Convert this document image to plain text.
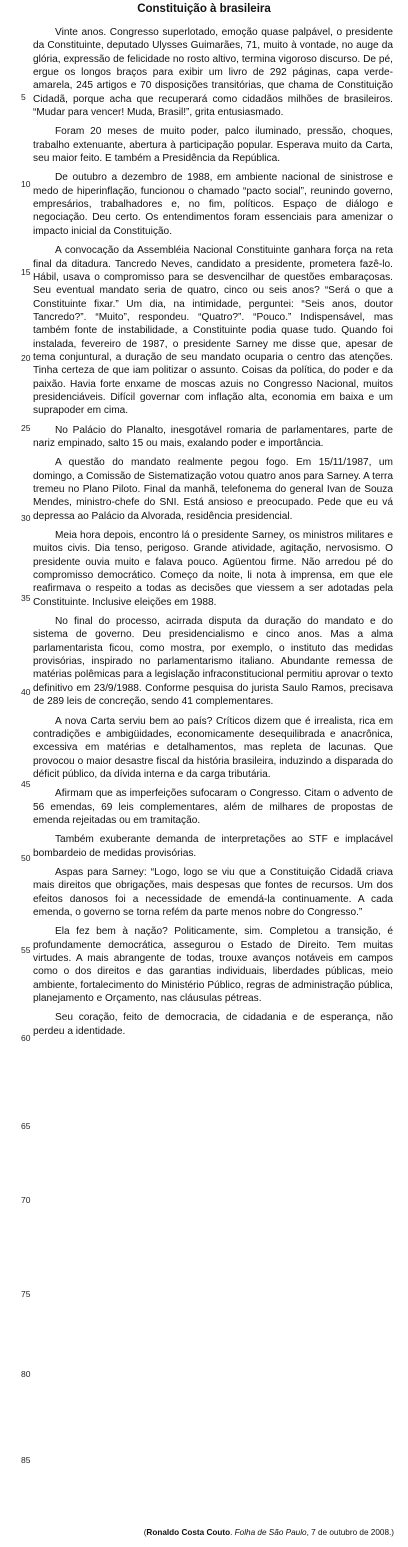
Constituição à brasileira

Vinte anos. Congresso superlotado, emoção quase palpável, o presidente da Constituinte, deputado Ulysses Guimarães, 71, muito à vontade, no auge da glória, expressão de felicidade no rosto altivo, termina vigoroso discurso. De pé, ergue os longos braços para exibir um livro de 292 páginas, capa verde-amarela, 245 artigos e 70 disposições transitórias, que chama de Constituição Cidadã, porque acha que recuperará como cidadãos milhões de brasileiros. “Mudar para vencer! Muda, Brasil!”, grita entusiasmado.

Foram 20 meses de muito poder, palco iluminado, pressão, choques, trabalho extenuante, abertura à participação popular. Esperava muito da Carta, seu maior feito. E também a Presidência da República.

De outubro a dezembro de 1988, em ambiente nacional de sinistrose e medo de hiperinflação, funcionou o chamado “pacto social”, reunindo governo, empresários, trabalhadores e, no fim, políticos. Espaço de diálogo e negociação. Deu certo. Os entendimentos foram essenciais para amenizar o impacto inicial da Constituição.

A convocação da Assembléia Nacional Constituinte ganhara força na reta final da ditadura. Tancredo Neves, candidato a presidente, prometera fazê-lo. Hábil, usava o compromisso para se desvencilhar de questões embaraçosas. Seu eventual mandato seria de quatro, cinco ou seis anos? “Será o que a Constituinte fixar.” Um dia, na intimidade, perguntei: “Seis anos, doutor Tancredo?”. “Muito”, respondeu. “Quatro?”. “Pouco.” Indispensável, mas também fonte de instabilidade, a Constituinte podia quase tudo. Quando foi instalada, fevereiro de 1987, o presidente Sarney me disse que, apesar de tema conjuntural, a duração de seu mandato ocuparia o centro das atenções. Tinha certeza de que iam politizar o assunto. Coisas da política, do poder e da paixão. Havia forte enxame de moscas azuis no Congresso Nacional, muitos presidenciáveis. Difícil governar com inflação alta, economia em baixa e um suprapoder em cima.

No Palácio do Planalto, inesgotável romaria de parlamentares, parte de nariz empinado, salto 15 ou mais, exalando poder e importância.

A questão do mandato realmente pegou fogo. Em 15/11/1987, um domingo, a Comissão de Sistematização votou quatro anos para Sarney. A terra tremeu no Plano Piloto. Final da manhã, telefonema do general Ivan de Souza Mendes, ministro-chefe do SNI. Está ansioso e preocupado. Pede que eu vá depressa ao Palácio da Alvorada, residência presidencial.

Meia hora depois, encontro lá o presidente Sarney, os ministros militares e muitos civis. Dia tenso, perigoso. Grande atividade, agitação, nervosismo. O presidente ouvia muito e falava pouco. Agüentou firme. Não arredou pé do compromisso democrático. Começo da noite, li nota à imprensa, em que ele reafirmava o respeito a todas as decisões que viessem a ser adotadas pela Constituinte. Inclusive eleições em 1988.

No final do processo, acirrada disputa da duração do mandato e do sistema de governo. Deu presidencialismo e cinco anos. Mas a alma parlamentarista ficou, como mostra, por exemplo, o instituto das medidas provisórias, inspirado no parlamentarismo italiano. Abundante remessa de matérias polêmicas para a legislação infraconstitucional permitiu aprovar o texto definitivo em 23/9/1988. Conforme pesquisa do jurista Saulo Ramos, precisava de 289 leis de concreção, sendo 41 complementares.

A nova Carta serviu bem ao país? Críticos dizem que é irrealista, rica em contradições e ambigüidades, economicamente desequilibrada e anacrônica, excessiva em matérias e detalhamentos, mas repleta de lacunas. Que provocou o maior desastre fiscal da história brasileira, induzindo a disparada do déficit público, da dívida interna e da carga tributária.

Afirmam que as imperfeições sufocaram o Congresso. Citam o advento de 56 emendas, 69 leis complementares, além de milhares de propostas de emenda rejeitadas ou em tramitação.

Também exuberante demanda de interpretações ao STF e implacável bombardeio de medidas provisórias.

Aspas para Sarney: “Logo, logo se viu que a Constituição Cidadã criava mais direitos que obrigações, mais despesas que fontes de recursos. Um dos efeitos danosos foi a necessidade de emendá-la continuamente. A cada emenda, o governo se torna refém da parte menos nobre do Congresso.”

Ela fez bem à nação? Politicamente, sim. Completou a transição, é profundamente democrática, assegurou o Estado de Direito. Tem muitas virtudes. A mais abrangente de todas, trouxe avanços notáveis em campos como o dos direitos e das garantias individuais, liberdades públicas, meio ambiente, fortalecimento do Ministério Público, regras de administração pública, planejamento e Orçamento, nas cláusulas pétreas.

Seu coração, feito de democracia, de cidadania e de esperança, não perdeu a identidade.

5
10
15
20
25
30
35
40
45
50
55
60
65
70
75
80
85
(Ronaldo Costa Couto. Folha de São Paulo, 7 de outubro de 2008.)
